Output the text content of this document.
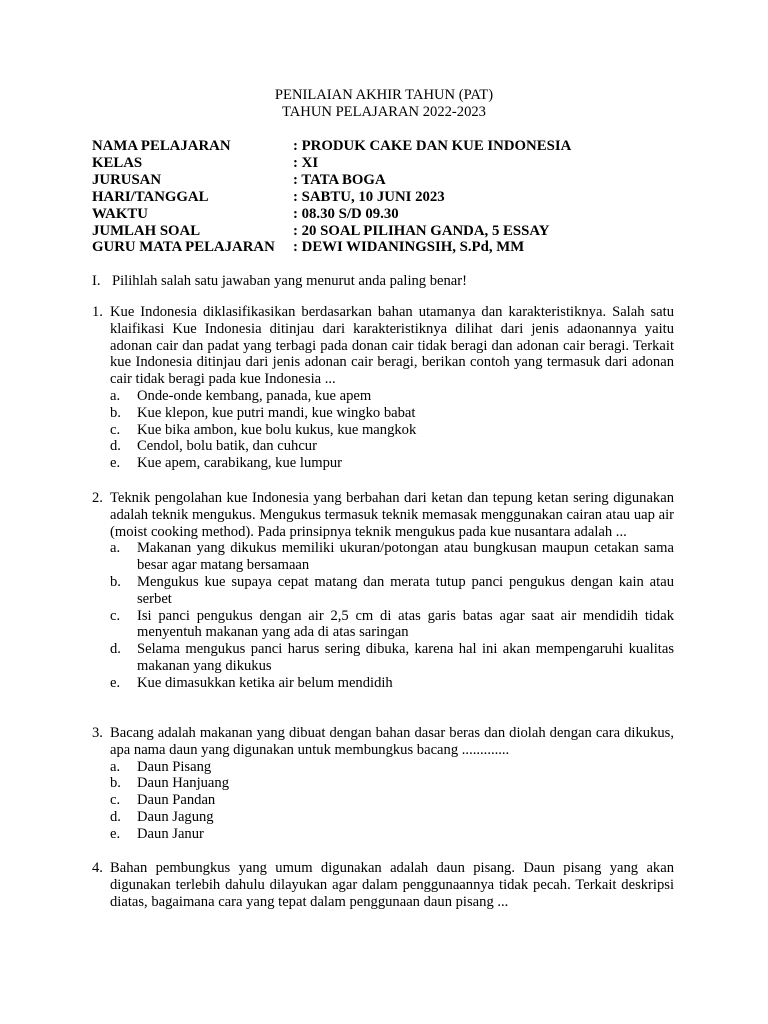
PENILAIAN AKHIR TAHUN (PAT)
TAHUN PELAJARAN 2022-2023
NAMA PELAJARAN	: PRODUK CAKE DAN KUE INDONESIA
KELAS	: XI
JURUSAN	: TATA BOGA
HARI/TANGGAL	: SABTU, 10 JUNI 2023
WAKTU	: 08.30 S/D 09.30
JUMLAH SOAL	: 20 SOAL PILIHAN GANDA, 5 ESSAY
GURU MATA PELAJARAN	: DEWI WIDANINGSIH, S.Pd, MM
I. Pilihlah salah satu jawaban yang menurut anda paling benar!
1. Kue Indonesia diklasifikasikan berdasarkan bahan utamanya dan karakteristiknya. Salah satu klaifikasi Kue Indonesia ditinjau dari karakteristiknya dilihat dari jenis adaonannya yaitu adonan cair dan padat yang terbagi pada donan cair tidak beragi dan adonan cair beragi. Terkait kue Indonesia ditinjau dari jenis adonan cair beragi, berikan contoh yang termasuk dari adonan cair tidak beragi pada kue Indonesia ...
a.	Onde-onde kembang, panada, kue apem
b.	Kue klepon, kue putri mandi, kue wingko babat
c.	Kue bika ambon, kue bolu kukus, kue mangkok
d.	Cendol, bolu batik, dan cuhcur
e.	Kue apem, carabikang, kue lumpur
2. Teknik pengolahan kue Indonesia yang berbahan dari ketan dan tepung ketan sering digunakan adalah teknik mengukus. Mengukus termasuk teknik memasak menggunakan cairan atau uap air (moist cooking method). Pada prinsipnya teknik mengukus pada kue nusantara adalah ...
a.	Makanan yang dikukus memiliki ukuran/potongan atau bungkusan maupun cetakan sama besar agar matang bersamaan
b.	Mengukus kue supaya cepat matang dan merata tutup panci pengukus dengan kain atau serbet
c.	Isi panci pengukus dengan air 2,5 cm di atas garis batas agar saat air mendidih tidak menyentuh makanan yang ada di atas saringan
d.	Selama mengukus panci harus sering dibuka, karena hal ini akan mempengaruhi kualitas makanan yang dikukus
e.	Kue dimasukkan ketika air belum mendidih
3. Bacang adalah makanan yang dibuat dengan bahan dasar beras dan diolah dengan cara dikukus, apa nama daun yang digunakan untuk membungkus bacang .............
a.	Daun Pisang
b.	Daun Hanjuang
c.	Daun Pandan
d.	Daun Jagung
e.	Daun Janur
4. Bahan pembungkus yang umum digunakan adalah daun pisang. Daun pisang yang akan digunakan terlebih dahulu dilayukan agar dalam penggunaannya tidak pecah. Terkait deskripsi diatas, bagaimana cara yang tepat dalam penggunaan daun pisang ...
